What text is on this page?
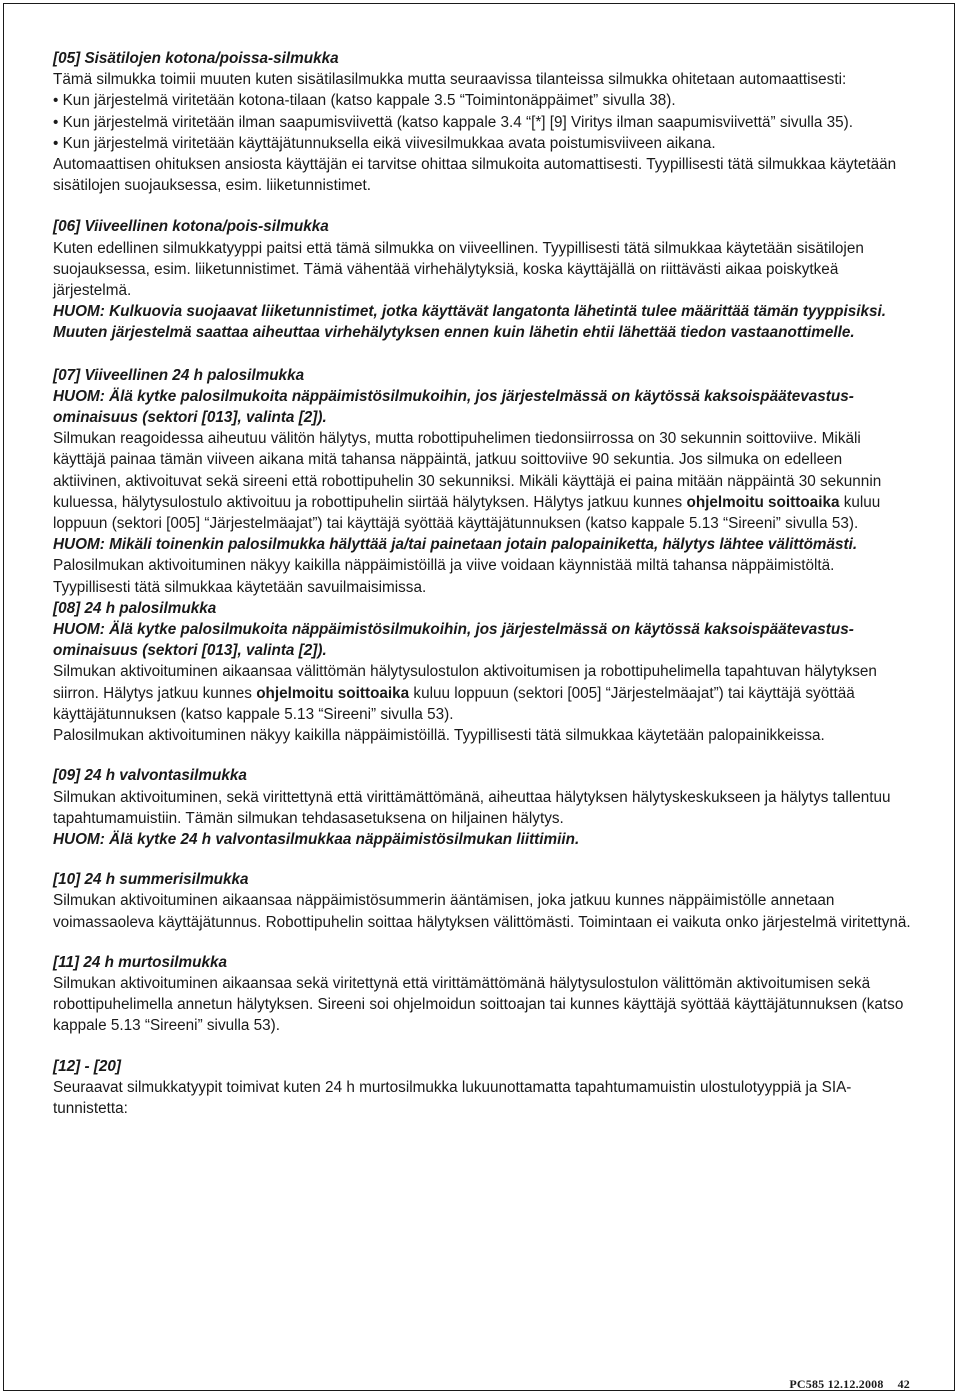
[05] Sisätilojen kotona/poissa-silmukka

Tämä silmukka toimii muuten kuten sisätilasilmukka mutta seuraavissa tilanteissa silmukka ohitetaan automaattisesti:

• Kun järjestelmä viritetään kotona-tilaan (katso kappale 3.5 “Toimintonäppäimet” sivulla 38).

• Kun järjestelmä viritetään ilman saapumisviivettä (katso kappale 3.4 “[*] [9] Viritys ilman saapumisviivettä” sivulla 35).

• Kun järjestelmä viritetään käyttäjätunnuksella eikä viivesilmukkaa avata poistumisviiveen aikana.

Automaattisen ohituksen ansiosta käyttäjän ei tarvitse ohittaa silmukoita automattisesti. Tyypillisesti tätä silmukkaa käytetään sisätilojen suojauksessa, esim. liiketunnistimet.

[06] Viiveellinen kotona/pois-silmukka

Kuten edellinen silmukkatyyppi paitsi että tämä silmukka on viiveellinen. Tyypillisesti tätä silmukkaa käytetään sisätilojen suojauksessa, esim. liiketunnistimet. Tämä vähentää virhehälytyksiä, koska käyttäjällä on riittävästi aikaa poiskytkeä järjestelmä.

HUOM: Kulkuovia suojaavat liiketunnistimet, jotka käyttävät langatonta lähetintä tulee määrittää tämän tyyppisiksi. Muuten järjestelmä saattaa aiheuttaa virhehälytyksen ennen kuin lähetin ehtii lähettää tiedon vastaanottimelle.

[07] Viiveellinen 24 h palosilmukka

HUOM: Älä kytke palosilmukoita näppäimistösilmukoihin, jos järjestelmässä on käytössä kaksoispäätevastus-ominaisuus (sektori [013], valinta [2]).

Silmukan reagoidessa aiheutuu välitön hälytys, mutta robottipuhelimen tiedonsiirrossa on 30 sekunnin soittoviive. Mikäli käyttäjä painaa tämän viiveen aikana mitä tahansa näppäintä, jatkuu soittoviive 90 sekuntia. Jos silmuka on edelleen aktiivinen, aktivoituvat sekä sireeni että robottipuhelin 30 sekunniksi. Mikäli käyttäjä ei paina mitään näppäintä 30 sekunnin kuluessa, hälytysulostulo aktivoituu ja robottipuhelin siirtää hälytyksen. Hälytys jatkuu kunnes ohjelmoitu soittoaika kuluu loppuun (sektori [005] “Järjestelmäajat”) tai käyttäjä syöttää käyttäjätunnuksen (katso kappale 5.13 “Sireeni” sivulla 53).

HUOM: Mikäli toinenkin palosilmukka hälyttää ja/tai painetaan jotain palopainiketta, hälytys lähtee välittömästi.

Palosilmukan aktivoituminen näkyy kaikilla näppäimistöillä ja viive voidaan käynnistää miltä tahansa näppäimistöltä. Tyypillisesti tätä silmukkaa käytetään savuilmaisimissa.

[08] 24 h palosilmukka

HUOM: Älä kytke palosilmukoita näppäimistösilmukoihin, jos järjestelmässä on käytössä kaksoispäätevastus-ominaisuus (sektori [013], valinta [2]).

Silmukan aktivoituminen aikaansaa välittömän hälytysulostulon aktivoitumisen ja robottipuhelimella tapahtuvan hälytyksen siirron. Hälytys jatkuu kunnes ohjelmoitu soittoaika kuluu loppuun (sektori [005] “Järjestelmäajat”) tai käyttäjä syöttää käyttäjätunnuksen (katso kappale 5.13 “Sireeni” sivulla 53).

Palosilmukan aktivoituminen näkyy kaikilla näppäimistöillä. Tyypillisesti tätä silmukkaa käytetään palopainikkeissa.

[09] 24 h valvontasilmukka

Silmukan aktivoituminen, sekä virittettynä että virittämättömänä, aiheuttaa hälytyksen hälytyskeskukseen ja hälytys tallentuu tapahtumamuistiin. Tämän silmukan tehdasasetuksena on hiljainen hälytys.

HUOM: Älä kytke 24 h valvontasilmukkaa näppäimistösilmukan liittimiin.

[10] 24 h summerisilmukka

Silmukan aktivoituminen aikaansaa näppäimistösummerin ääntämisen, joka jatkuu kunnes näppäimistölle annetaan voimassaoleva käyttäjätunnus. Robottipuhelin soittaa hälytyksen välittömästi. Toimintaan ei vaikuta onko järjestelmä viritettynä.

[11] 24 h murtosilmukka

Silmukan aktivoituminen aikaansaa sekä viritettynä että virittämättömänä hälytysulostulon välittömän aktivoitumisen sekä robottipuhelimella annetun hälytyksen. Sireeni soi ohjelmoidun soittoajan tai kunnes käyttäjä syöttää käyttäjätunnuksen (katso kappale 5.13 “Sireeni” sivulla 53).

[12] - [20]

Seuraavat silmukkatyypit toimivat kuten 24 h murtosilmukka lukuunottamatta tapahtumamuistin ulostulotyyppiä ja SIA-tunnistetta:

PC585 12.12.2008 42
